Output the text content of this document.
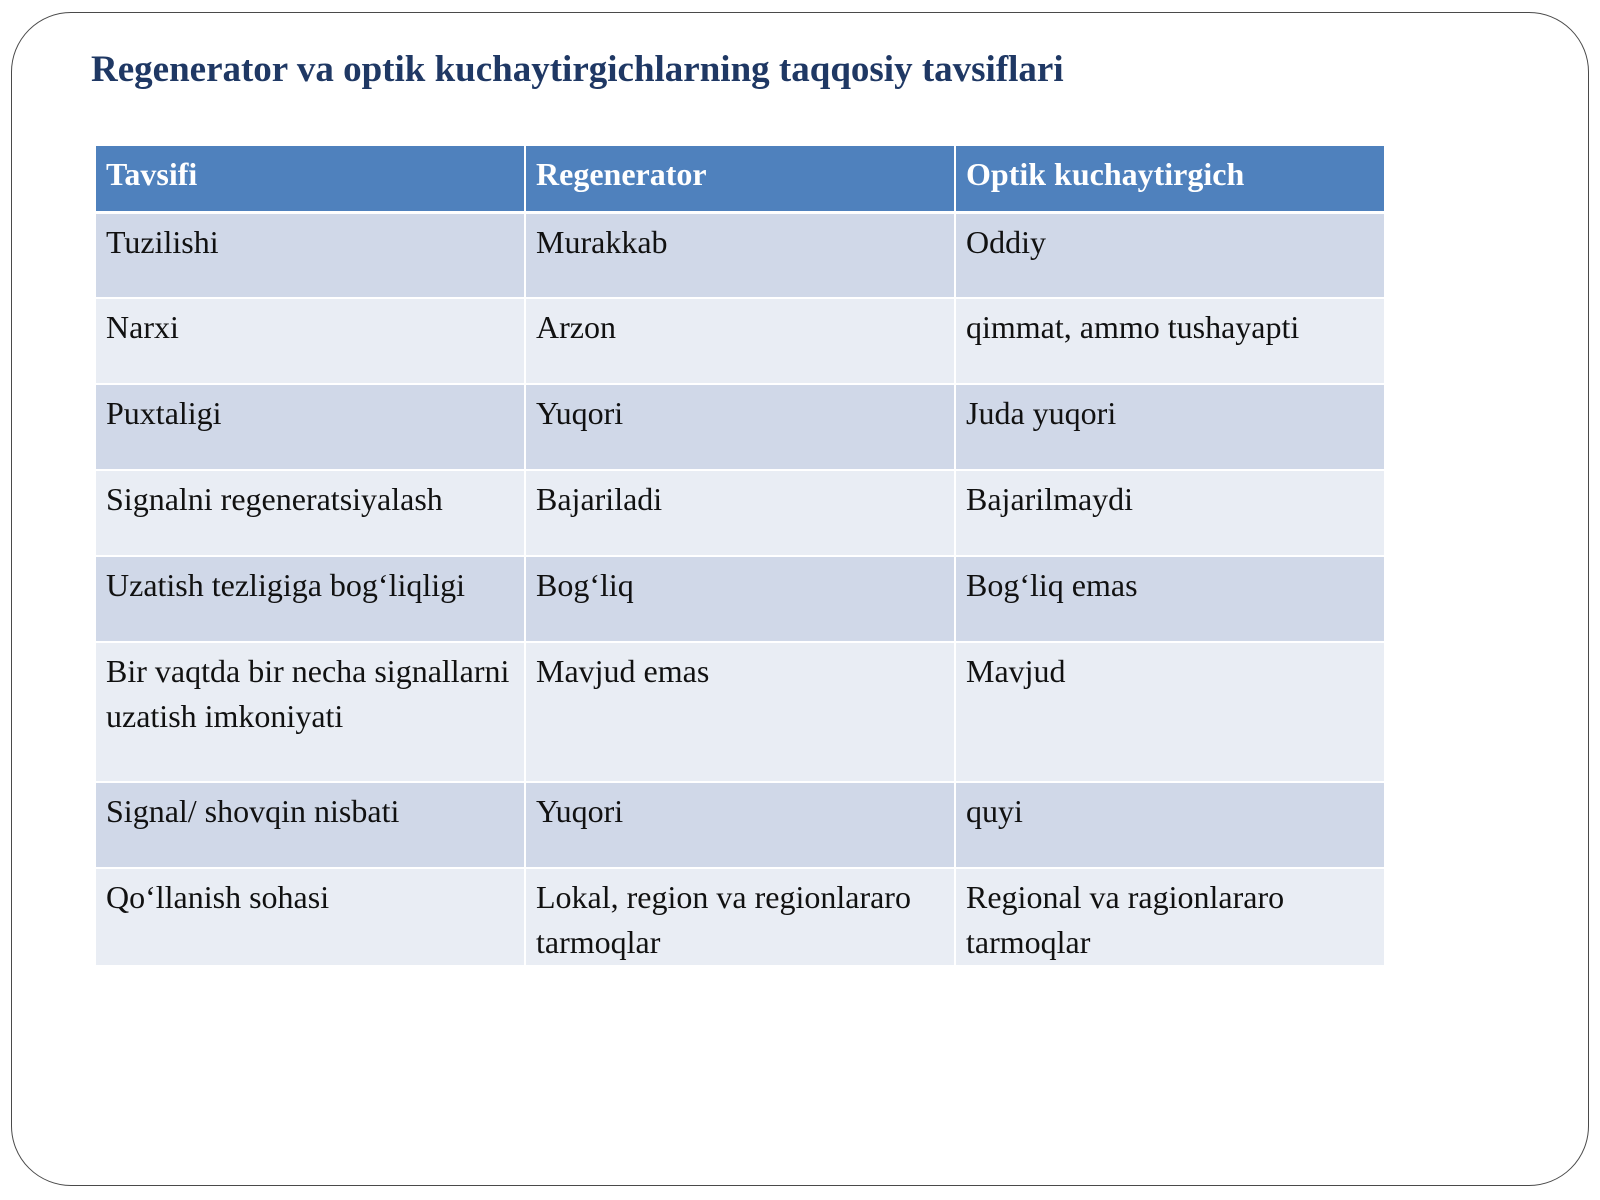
Regenerator va optik kuchaytirgichlarning taqqosiy tavsiflari
Tavsifi	Regenerator	Optik kuchaytirgich
Tuzilishi	Murakkab	Oddiy
Narxi	Arzon	qimmat, ammo tushayapti
Puxtaligi	Yuqori	Juda yuqori
Signalni regeneratsiyalash	Bajariladi	Bajarilmaydi
Uzatish tezligiga bog‘liqligi	Bog‘liq	Bog‘liq emas
Bir vaqtda bir necha signallarni uzatish imkoniyati	Mavjud emas	Mavjud
Signal/ shovqin nisbati	Yuqori	quyi
Qo‘llanish sohasi	Lokal, region va regionlararo tarmoqlar	Regional va ragionlararo tarmoqlar
